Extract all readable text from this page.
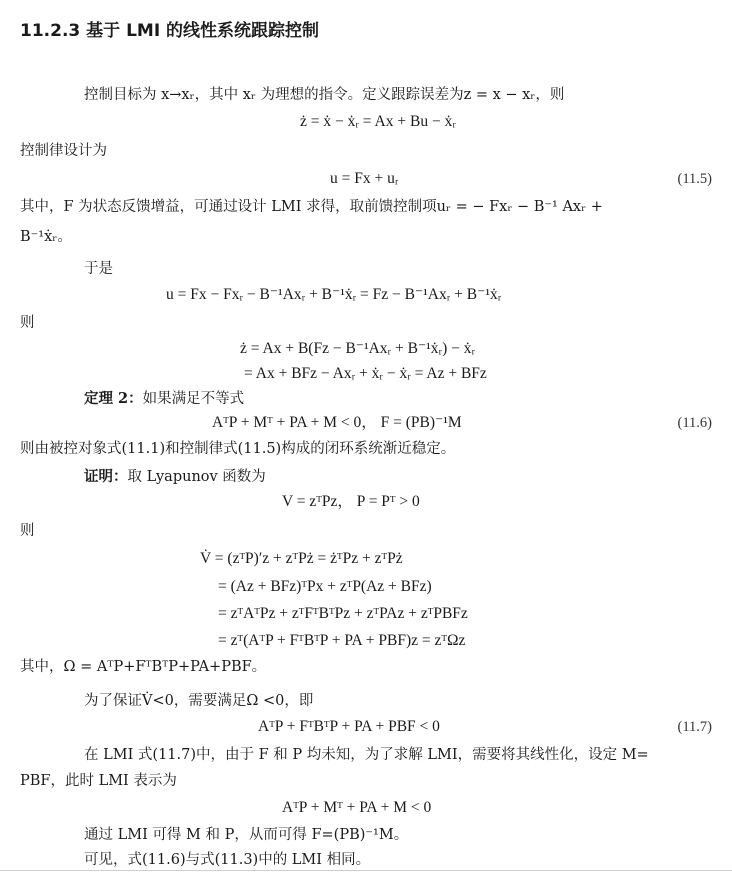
11.2.3 基于 LMI 的线性系统跟踪控制
控制目标为 x→xᵣ，其中 xᵣ 为理想的指令。定义跟踪误差为z = x − xᵣ，则
ż = ẋ − ẋᵣ = Ax + Bu − ẋᵣ
控制律设计为
u = Fx + uᵣ	(11.5)
其中，F 为状态反馈增益，可通过设计 LMI 求得，取前馈控制项uᵣ = − Fxᵣ − B⁻¹ Axᵣ +
B⁻¹ẋᵣ。
于是
u = Fx − Fxᵣ − B⁻¹Axᵣ + B⁻¹ẋᵣ = Fz − B⁻¹Axᵣ + B⁻¹ẋᵣ
则
ż = Ax + B(Fz − B⁻¹Axᵣ + B⁻¹ẋᵣ) − ẋᵣ
= Ax + BFz − Axᵣ + ẋᵣ − ẋᵣ = Az + BFz
定理 2：如果满足不等式
AᵀP + Mᵀ + PA + M < 0， F = (PB)⁻¹M	(11.6)
则由被控对象式(11.1)和控制律式(11.5)构成的闭环系统渐近稳定。
证明：取 Lyapunov 函数为
V = zᵀPz， P = Pᵀ > 0
则
V̇ = (zᵀP)′z + zᵀPż = żᵀPz + zᵀPż
= (Az + BFz)ᵀPx + zᵀP(Az + BFz)
= zᵀAᵀPz + zᵀFᵀBᵀPz + zᵀPAz + zᵀPBFz
= zᵀ(AᵀP + FᵀBᵀP + PA + PBF)z = zᵀΩz
其中，Ω = AᵀP+FᵀBᵀP+PA+PBF。
为了保证V̇<0，需要满足Ω <0，即
AᵀP + FᵀBᵀP + PA + PBF < 0	(11.7)
在 LMI 式(11.7)中，由于 F 和 P 均未知，为了求解 LMI，需要将其线性化，设定 M=
PBF，此时 LMI 表示为
AᵀP + Mᵀ + PA + M < 0
通过 LMI 可得 M 和 P，从而可得 F=(PB)⁻¹M。
可见，式(11.6)与式(11.3)中的 LMI 相同。
